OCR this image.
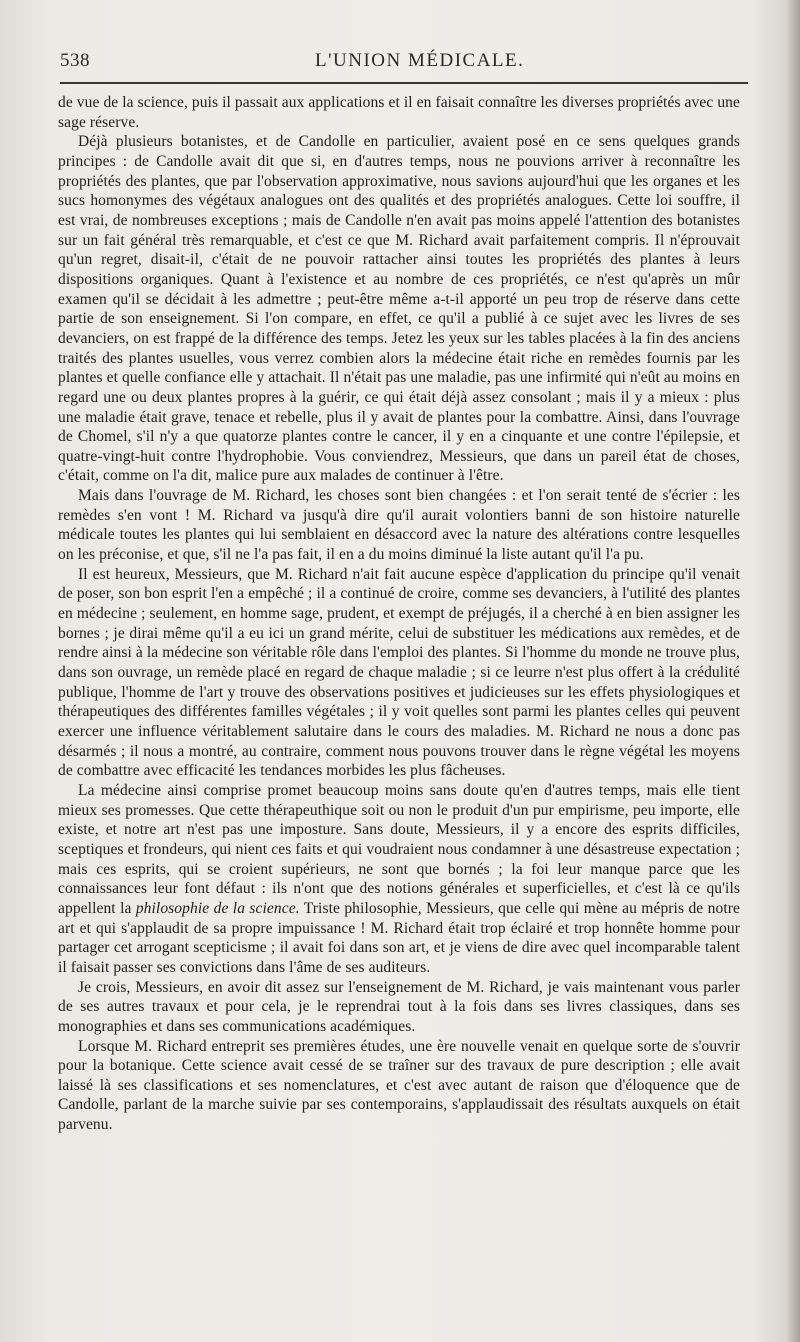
538	L'UNION MÉDICALE.

de vue de la science, puis il passait aux applications et il en faisait connaître les diverses propriétés avec une sage réserve.

Déjà plusieurs botanistes, et de Candolle en particulier, avaient posé en ce sens quelques grands principes : de Candolle avait dit que si, en d'autres temps, nous ne pouvions arriver à reconnaître les propriétés des plantes, que par l'observation approximative, nous savions aujourd'hui que les organes et les sucs homonymes des végétaux analogues ont des qualités et des propriétés analogues. Cette loi souffre, il est vrai, de nombreuses exceptions ; mais de Candolle n'en avait pas moins appelé l'attention des botanistes sur un fait général très remarquable, et c'est ce que M. Richard avait parfaitement compris. Il n'éprouvait qu'un regret, disait-il, c'était de ne pouvoir rattacher ainsi toutes les propriétés des plantes à leurs dispositions organiques. Quant à l'existence et au nombre de ces propriétés, ce n'est qu'après un mûr examen qu'il se décidait à les admettre ; peut-être même a-t-il apporté un peu trop de réserve dans cette partie de son enseignement. Si l'on compare, en effet, ce qu'il a publié à ce sujet avec les livres de ses devanciers, on est frappé de la différence des temps. Jetez les yeux sur les tables placées à la fin des anciens traités des plantes usuelles, vous verrez combien alors la médecine était riche en remèdes fournis par les plantes et quelle confiance elle y attachait. Il n'était pas une maladie, pas une infirmité qui n'eût au moins en regard une ou deux plantes propres à la guérir, ce qui était déjà assez consolant ; mais il y a mieux : plus une maladie était grave, tenace et rebelle, plus il y avait de plantes pour la combattre. Ainsi, dans l'ouvrage de Chomel, s'il n'y a que quatorze plantes contre le cancer, il y en a cinquante et une contre l'épilepsie, et quatre-vingt-huit contre l'hydrophobie. Vous conviendrez, Messieurs, que dans un pareil état de choses, c'était, comme on l'a dit, malice pure aux malades de continuer à l'être.

Mais dans l'ouvrage de M. Richard, les choses sont bien changées : et l'on serait tenté de s'écrier : les remèdes s'en vont ! M. Richard va jusqu'à dire qu'il aurait volontiers banni de son histoire naturelle médicale toutes les plantes qui lui semblaient en désaccord avec la nature des altérations contre lesquelles on les préconise, et que, s'il ne l'a pas fait, il en a du moins diminué la liste autant qu'il l'a pu.

Il est heureux, Messieurs, que M. Richard n'ait fait aucune espèce d'application du principe qu'il venait de poser, son bon esprit l'en a empêché ; il a continué de croire, comme ses devanciers, à l'utilité des plantes en médecine ; seulement, en homme sage, prudent, et exempt de préjugés, il a cherché à en bien assigner les bornes ; je dirai même qu'il a eu ici un grand mérite, celui de substituer les médications aux remèdes, et de rendre ainsi à la médecine son véritable rôle dans l'emploi des plantes. Si l'homme du monde ne trouve plus, dans son ouvrage, un remède placé en regard de chaque maladie ; si ce leurre n'est plus offert à la crédulité publique, l'homme de l'art y trouve des observations positives et judicieuses sur les effets physiologiques et thérapeutiques des différentes familles végétales ; il y voit quelles sont parmi les plantes celles qui peuvent exercer une influence véritablement salutaire dans le cours des maladies. M. Richard ne nous a donc pas désarmés ; il nous a montré, au contraire, comment nous pouvons trouver dans le règne végétal les moyens de combattre avec efficacité les tendances morbides les plus fâcheuses.

La médecine ainsi comprise promet beaucoup moins sans doute qu'en d'autres temps, mais elle tient mieux ses promesses. Que cette thérapeuthique soit ou non le produit d'un pur empirisme, peu importe, elle existe, et notre art n'est pas une imposture. Sans doute, Messieurs, il y a encore des esprits difficiles, sceptiques et frondeurs, qui nient ces faits et qui voudraient nous condamner à une désastreuse expectation ; mais ces esprits, qui se croient supérieurs, ne sont que bornés ; la foi leur manque parce que les connaissances leur font défaut : ils n'ont que des notions générales et superficielles, et c'est là ce qu'ils appellent la philosophie de la science. Triste philosophie, Messieurs, que celle qui mène au mépris de notre art et qui s'applaudit de sa propre impuissance ! M. Richard était trop éclairé et trop honnête homme pour partager cet arrogant scepticisme ; il avait foi dans son art, et je viens de dire avec quel incomparable talent il faisait passer ses convictions dans l'âme de ses auditeurs.

Je crois, Messieurs, en avoir dit assez sur l'enseignement de M. Richard, je vais maintenant vous parler de ses autres travaux et pour cela, je le reprendrai tout à la fois dans ses livres classiques, dans ses monographies et dans ses communications académiques.

Lorsque M. Richard entreprit ses premières études, une ère nouvelle venait en quelque sorte de s'ouvrir pour la botanique. Cette science avait cessé de se traîner sur des travaux de pure description ; elle avait laissé là ses classifications et ses nomenclatures, et c'est avec autant de raison que d'éloquence que de Candolle, parlant de la marche suivie par ses contemporains, s'applaudissait des résultats auxquels on était parvenu.
